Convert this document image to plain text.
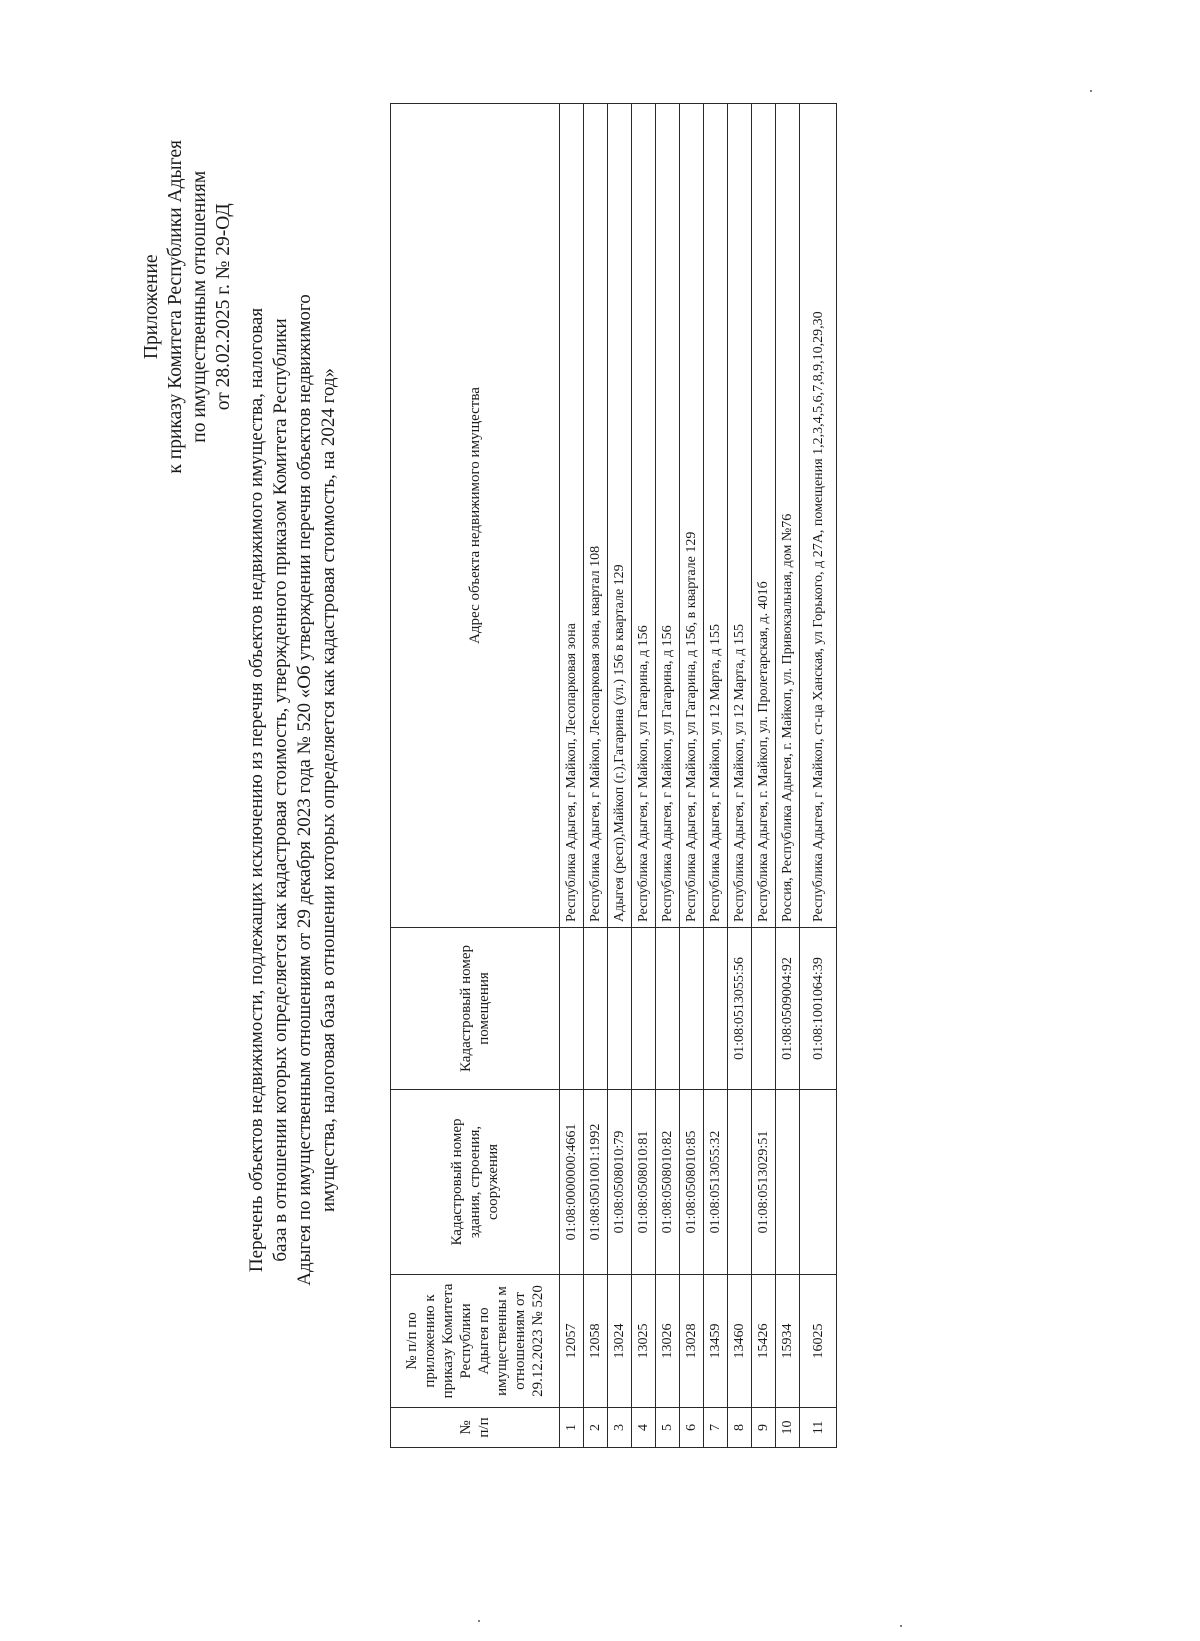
Приложение к приказу Комитета Республики Адыгея по имущественным отношениям от 28.02.2025 г. № 29-ОД
Перечень объектов недвижимости, подлежащих исключению из перечня объектов недвижимого имущества, налоговая база в отношении которых определяется как кадастровая стоимость, утвержденного приказом Комитета Республики Адыгея по имущественным отношениям от 29 декабря 2023 года № 520 «Об утверждении перечня объектов недвижимого имущества, налоговая база в отношении которых определяется как кадастровая стоимость, на 2024 год»
№ п/п	№ п/п по приложению к приказу Комитета Республики Адыгея по имущественны м отношениям от 29.12.2023 № 520	Кадастровый номер здания, строения, сооружения	Кадастровый номер помещения	Адрес объекта недвижимого имущества
1	12057	01:08:0000000:4661		Республика Адыгея, г Майкоп, Лесопарковая зона
2	12058	01:08:0501001:1992		Республика Адыгея, г Майкоп, Лесопарковая зона, квартал 108
3	13024	01:08:0508010:79		Адыгея (респ),Майкоп (г.),Гагарина (ул.) 156 в квартале 129
4	13025	01:08:0508010:81		Республика Адыгея, г Майкоп, ул Гагарина, д 156
5	13026	01:08:0508010:82		Республика Адыгея, г Майкоп, ул Гагарина, д 156
6	13028	01:08:0508010:85		Республика Адыгея, г Майкоп, ул Гагарина, д 156, в квартале 129
7	13459	01:08:0513055:32		Республика Адыгея, г Майкоп, ул 12 Марта, д 155
8	13460		01:08:0513055:56	Республика Адыгея, г Майкоп, ул 12 Марта, д 155
9	15426	01:08:0513029:51		Республика Адыгея, г. Майкоп, ул. Пролетарская, д. 401б
10	15934		01:08:0509004:92	Россия, Республика Адыгея, г. Майкоп, ул. Привокзальная, дом №76
11	16025		01:08:1001064:39	Республика Адыгея, г Майкоп, ст-ца Ханская, ул Горького, д 27А, помещения 1,2,3,4,5,6,7,8,9,10,29,30
